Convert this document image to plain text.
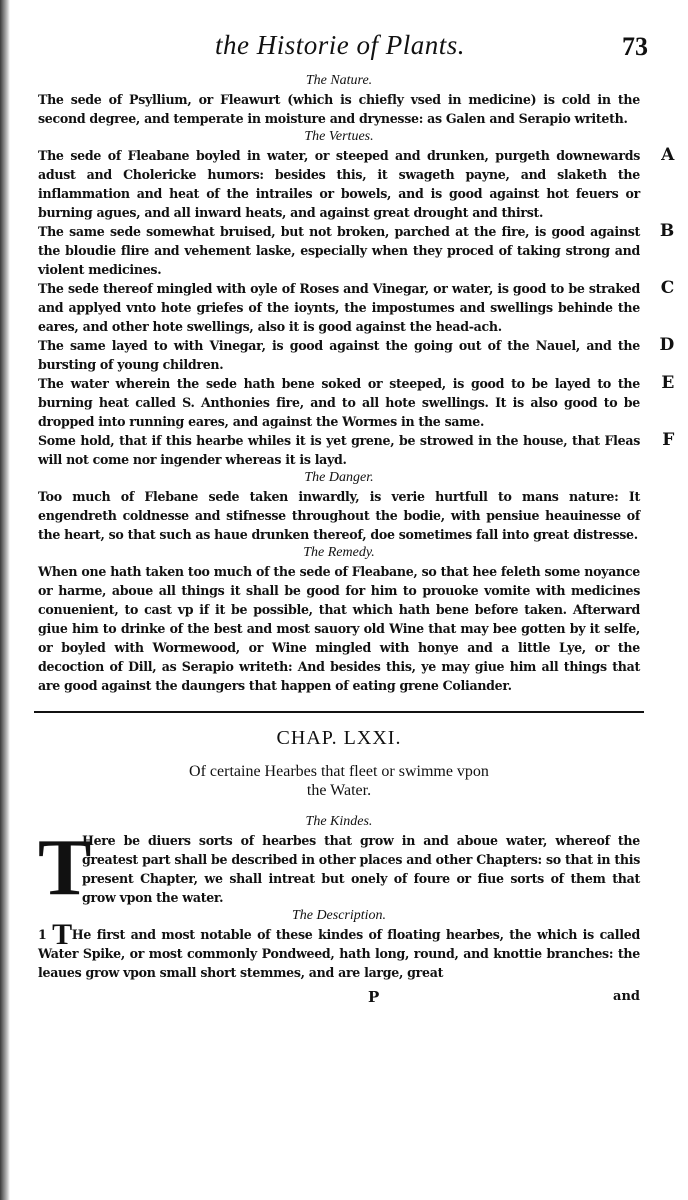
the Historie of Plants.	73
The Nature.

The sede of Psyllium, or Fleawurt (which is chiefly vsed in medicine) is cold in the second degree, and temperate in moisture and drynesse: as Galen and Serapio writeth.

The Vertues.

The sede of Fleabane boyled in water, or steeped and drunken, purgeth downewards adust and Cholericke humors: besides this, it swageth payne, and slaketh the inflammation and heat of the intrailes or bowels, and is good against hot feuers or burning agues, and all inward heats, and against great drought and thirst.
A

The same sede somewhat bruised, but not broken, parched at the fire, is good against the bloudie flire and vehement laske, especially when they proced of taking strong and violent medicines.
B

The sede thereof mingled with oyle of Roses and Vinegar, or water, is good to be straked and applyed vnto hote griefes of the ioynts, the impostumes and swellings behinde the eares, and other hote swellings, also it is good against the head-ach.
C

The same layed to with Vinegar, is good against the going out of the Nauel, and the bursting of young children.
D

The water wherein the sede hath bene soked or steeped, is good to be layed to the burning heat called S. Anthonies fire, and to all hote swellings. It is also good to be dropped into running eares, and against the Wormes in the same.
E

Some hold, that if this hearbe whiles it is yet grene, be strowed in the house, that Fleas will not come nor ingender whereas it is layd.
F

The Danger.

Too much of Flebane sede taken inwardly, is verie hurtfull to mans nature: It engendreth coldnesse and stifnesse throughout the bodie, with pensiue heauinesse of the heart, so that such as haue drunken thereof, doe sometimes fall into great distresse.

The Remedy.

When one hath taken too much of the sede of Fleabane, so that hee feleth some noyance or harme, aboue all things it shall be good for him to prouoke vomite with medicines conuenient, to cast vp if it be possible, that which hath bene before taken. Afterward giue him to drinke of the best and most sauory old Wine that may bee gotten by it selfe, or boyled with Wormewood, or Wine mingled with honye and a little Lye, or the decoction of Dill, as Serapio writeth: And besides this, ye may giue him all things that are good against the daungers that happen of eating grene Coliander.

CHAP. LXXI.
Of certaine Hearbes that fleet or swimme vpon
the Water.
The Kindes.

T
Here be diuers sorts of hearbes that grow in and aboue water, whereof the greatest part shall be described in other places and other Chapters: so that in this present Chapter, we shall intreat but onely of foure or fiue sorts of them that grow vpon the water.

The Description.

1 THe first and most notable of these kindes of floating hearbes, the which is called Water Spike, or most commonly Pondweed, hath long, round, and knottie branches: the leaues grow vpon small short stemmes, and are large, great

P	and
